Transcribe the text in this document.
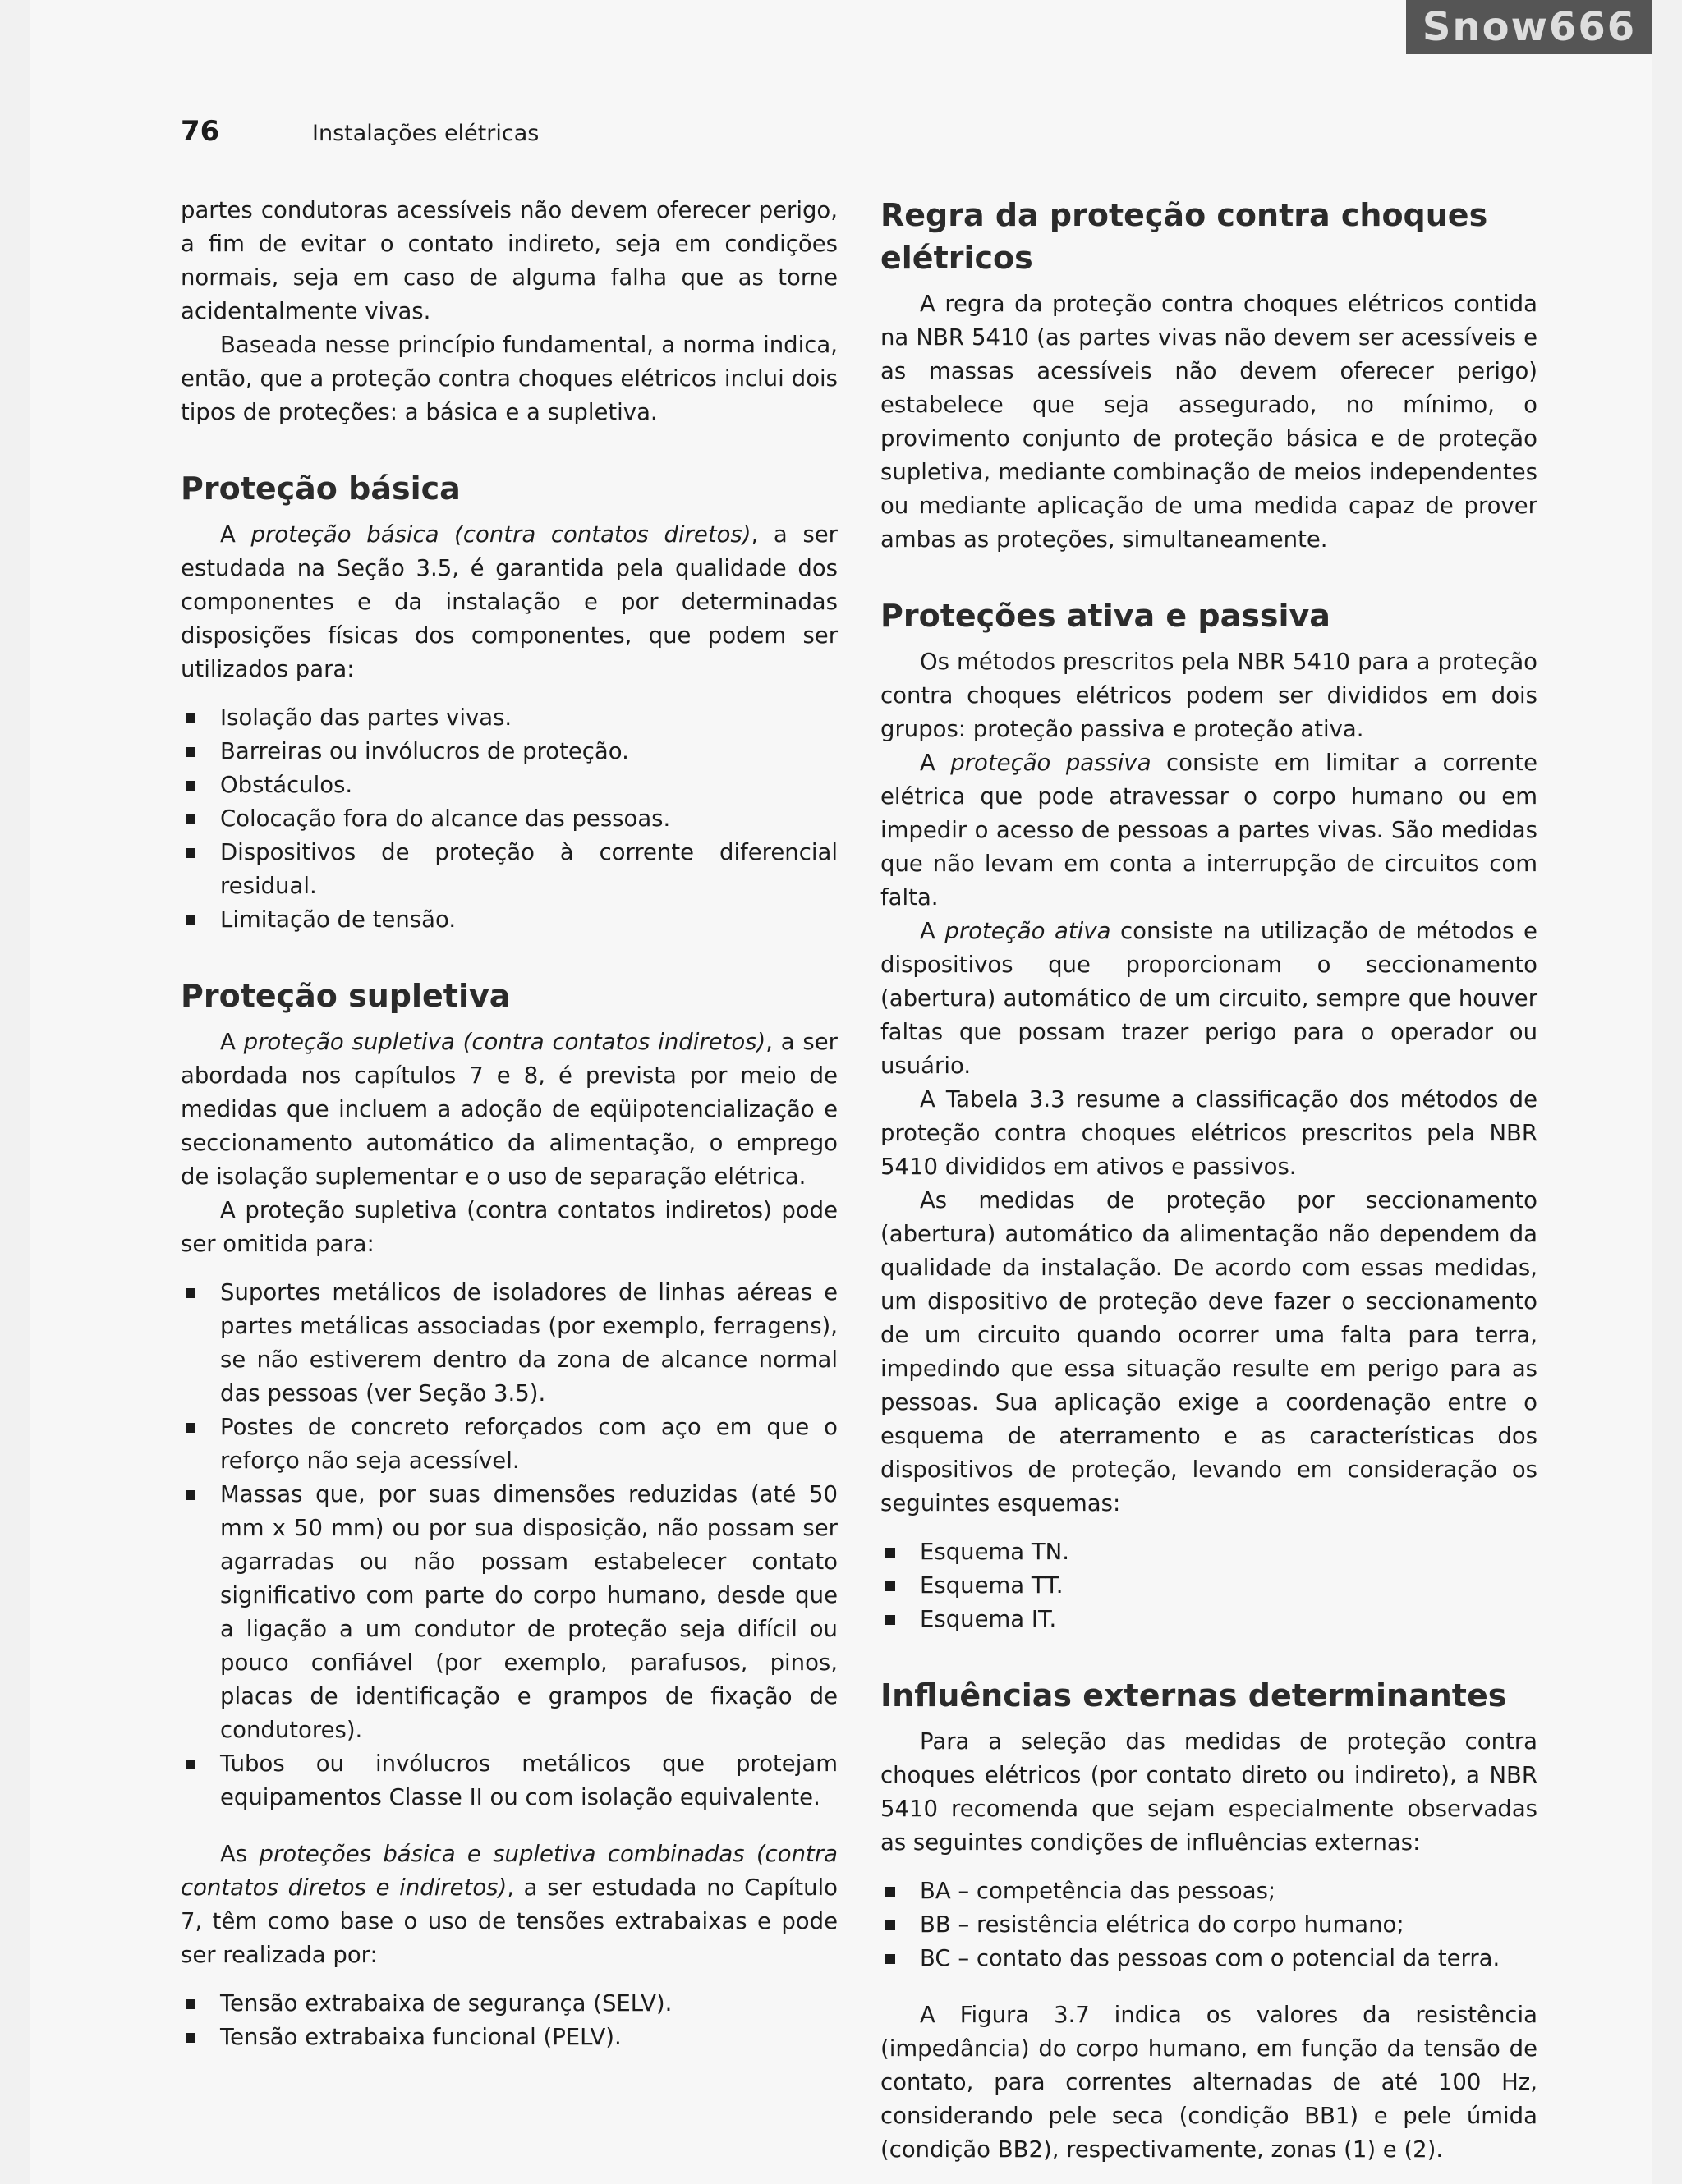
Snow666
76	Instalações elétricas

partes condutoras acessíveis não devem oferecer perigo, a fim de evitar o contato indireto, seja em condições normais, seja em caso de alguma falha que as torne acidentalmente vivas.

Baseada nesse princípio fundamental, a norma indica, então, que a proteção contra choques elétricos inclui dois tipos de proteções: a básica e a supletiva.

Proteção básica

A proteção básica (contra contatos diretos), a ser estudada na Seção 3.5, é garantida pela qualidade dos componentes e da instalação e por determinadas disposições físicas dos componentes, que podem ser utilizados para:

Isolação das partes vivas.
Barreiras ou invólucros de proteção.
Obstáculos.
Colocação fora do alcance das pessoas.
Dispositivos de proteção à corrente diferencial residual.
Limitação de tensão.
Proteção supletiva

A proteção supletiva (contra contatos indiretos), a ser abordada nos capítulos 7 e 8, é prevista por meio de medidas que incluem a adoção de eqüipotencialização e seccionamento automático da alimentação, o emprego de isolação suplementar e o uso de separação elétrica.

A proteção supletiva (contra contatos indiretos) pode ser omitida para:

Suportes metálicos de isoladores de linhas aéreas e partes metálicas associadas (por exemplo, ferragens), se não estiverem dentro da zona de alcance normal das pessoas (ver Seção 3.5).
Postes de concreto reforçados com aço em que o reforço não seja acessível.
Massas que, por suas dimensões reduzidas (até 50 mm x 50 mm) ou por sua disposição, não possam ser agarradas ou não possam estabelecer contato significativo com parte do corpo humano, desde que a ligação a um condutor de proteção seja difícil ou pouco confiável (por exemplo, parafusos, pinos, placas de identificação e grampos de fixação de condutores).
Tubos ou invólucros metálicos que protejam equipamentos Classe II ou com isolação equivalente.

As proteções básica e supletiva combinadas (contra contatos diretos e indiretos), a ser estudada no Capítulo 7, têm como base o uso de tensões extrabaixas e pode ser realizada por:

Tensão extrabaixa de segurança (SELV).
Tensão extrabaixa funcional (PELV).
Regra da proteção contra choques elétricos

A regra da proteção contra choques elétricos contida na NBR 5410 (as partes vivas não devem ser acessíveis e as massas acessíveis não devem oferecer perigo) estabelece que seja assegurado, no mínimo, o provimento conjunto de proteção básica e de proteção supletiva, mediante combinação de meios independentes ou mediante aplicação de uma medida capaz de prover ambas as proteções, simultaneamente.

Proteções ativa e passiva

Os métodos prescritos pela NBR 5410 para a proteção contra choques elétricos podem ser divididos em dois grupos: proteção passiva e proteção ativa.

A proteção passiva consiste em limitar a corrente elétrica que pode atravessar o corpo humano ou em impedir o acesso de pessoas a partes vivas. São medidas que não levam em conta a interrupção de circuitos com falta.

A proteção ativa consiste na utilização de métodos e dispositivos que proporcionam o seccionamento (abertura) automático de um circuito, sempre que houver faltas que possam trazer perigo para o operador ou usuário.

A Tabela 3.3 resume a classificação dos métodos de proteção contra choques elétricos prescritos pela NBR 5410 divididos em ativos e passivos.

As medidas de proteção por seccionamento (abertura) automático da alimentação não dependem da qualidade da instalação. De acordo com essas medidas, um dispositivo de proteção deve fazer o seccionamento de um circuito quando ocorrer uma falta para terra, impedindo que essa situação resulte em perigo para as pessoas. Sua aplicação exige a coordenação entre o esquema de aterramento e as características dos dispositivos de proteção, levando em consideração os seguintes esquemas:

Esquema TN.
Esquema TT.
Esquema IT.
Influências externas determinantes

Para a seleção das medidas de proteção contra choques elétricos (por contato direto ou indireto), a NBR 5410 recomenda que sejam especialmente observadas as seguintes condições de influências externas:

BA – competência das pessoas;
BB – resistência elétrica do corpo humano;
BC – contato das pessoas com o potencial da terra.

A Figura 3.7 indica os valores da resistência (impedância) do corpo humano, em função da tensão de contato, para correntes alternadas de até 100 Hz, considerando pele seca (condição BB1) e pele úmida (condição BB2), respectivamente, zonas (1) e (2).
